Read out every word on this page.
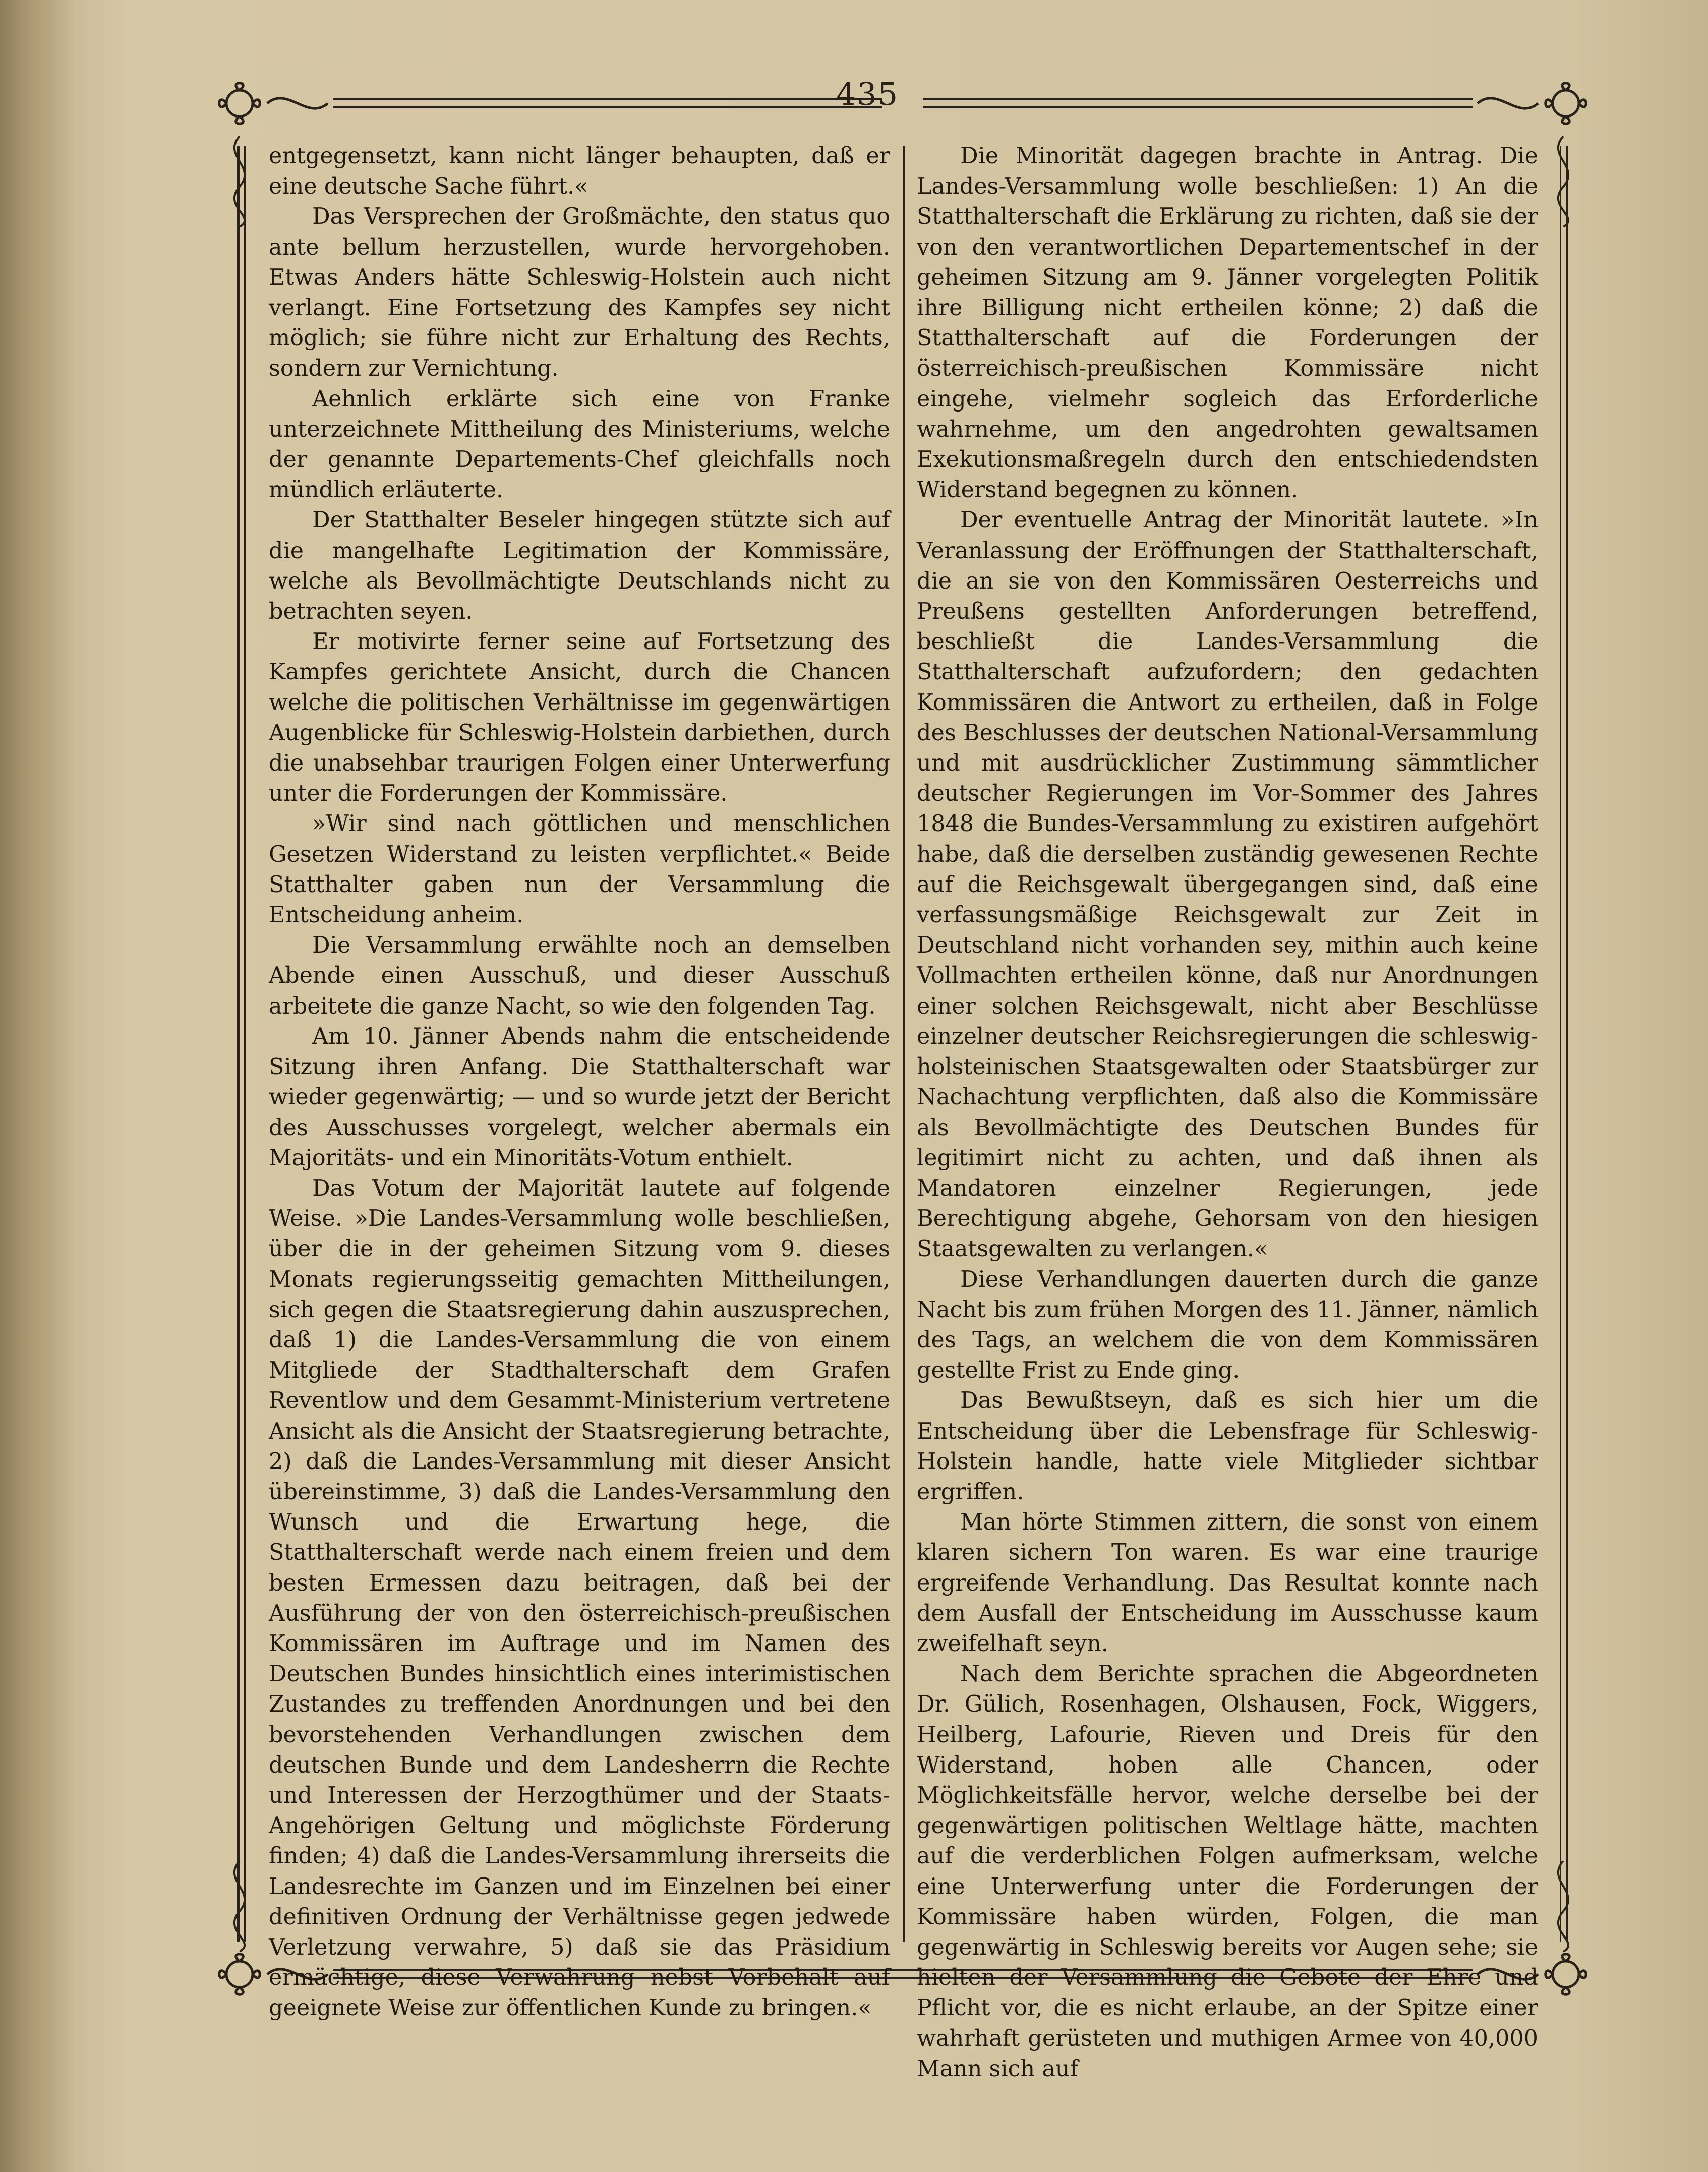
435

entgegensetzt, kann nicht länger behaupten, daß er eine deutsche Sache führt.«

Das Versprechen der Großmächte, den status quo ante bellum herzustellen, wurde hervorgehoben. Etwas Anders hätte Schleswig-Holstein auch nicht verlangt. Eine Fortsetzung des Kampfes sey nicht möglich; sie führe nicht zur Erhaltung des Rechts, sondern zur Vernichtung.

Aehnlich erklärte sich eine von Franke unterzeichnete Mittheilung des Ministeriums, welche der genannte Departements-Chef gleichfalls noch mündlich erläuterte.

Der Statthalter Beseler hingegen stützte sich auf die mangelhafte Legitimation der Kommissäre, welche als Bevollmächtigte Deutschlands nicht zu betrachten seyen.

Er motivirte ferner seine auf Fortsetzung des Kampfes gerichtete Ansicht, durch die Chancen welche die politischen Verhältnisse im gegenwärtigen Augenblicke für Schleswig-Holstein darbiethen, durch die unabsehbar traurigen Folgen einer Unterwerfung unter die Forderungen der Kommissäre.

»Wir sind nach göttlichen und menschlichen Gesetzen Widerstand zu leisten verpflichtet.« Beide Statthalter gaben nun der Versammlung die Entscheidung anheim.

Die Versammlung erwählte noch an demselben Abende einen Ausschuß, und dieser Ausschuß arbeitete die ganze Nacht, so wie den folgenden Tag.

Am 10. Jänner Abends nahm die entscheidende Sitzung ihren Anfang. Die Statthalterschaft war wieder gegenwärtig; — und so wurde jetzt der Bericht des Ausschusses vorgelegt, welcher abermals ein Majoritäts- und ein Minoritäts-Votum enthielt.

Das Votum der Majorität lautete auf folgende Weise. »Die Landes-Versammlung wolle beschließen, über die in der geheimen Sitzung vom 9. dieses Monats regierungsseitig gemachten Mittheilungen, sich gegen die Staatsregierung dahin auszusprechen, daß 1) die Landes-Versammlung die von einem Mitgliede der Stadthalterschaft dem Grafen Reventlow und dem Gesammt-Ministerium vertretene Ansicht als die Ansicht der Staatsregierung betrachte, 2) daß die Landes-Versammlung mit dieser Ansicht übereinstimme, 3) daß die Landes-Versammlung den Wunsch und die Erwartung hege, die Statthalterschaft werde nach einem freien und dem besten Ermessen dazu beitragen, daß bei der Ausführung der von den österreichisch-preußischen Kommissären im Auftrage und im Namen des Deutschen Bundes hinsichtlich eines interimistischen Zustandes zu treffenden Anordnungen und bei den bevorstehenden Verhandlungen zwischen dem deutschen Bunde und dem Landesherrn die Rechte und Interessen der Herzogthümer und der Staats-Angehörigen Geltung und möglichste Förderung finden; 4) daß die Landes-Versammlung ihrerseits die Landesrechte im Ganzen und im Einzelnen bei einer definitiven Ordnung der Verhältnisse gegen jedwede Verletzung verwahre, 5) daß sie das Präsidium ermächtige, diese Verwahrung nebst Vorbehalt auf geeignete Weise zur öffentlichen Kunde zu bringen.«

Die Minorität dagegen brachte in Antrag. Die Landes-Versammlung wolle beschließen: 1) An die Statthalterschaft die Erklärung zu richten, daß sie der von den verantwortlichen Departementschef in der geheimen Sitzung am 9. Jänner vorgelegten Politik ihre Billigung nicht ertheilen könne; 2) daß die Statthalterschaft auf die Forderungen der österreichisch-preußischen Kommissäre nicht eingehe, vielmehr sogleich das Erforderliche wahrnehme, um den angedrohten gewaltsamen Exekutionsmaßregeln durch den entschiedendsten Widerstand begegnen zu können.

Der eventuelle Antrag der Minorität lautete. »In Veranlassung der Eröffnungen der Statthalterschaft, die an sie von den Kommissären Oesterreichs und Preußens gestellten Anforderungen betreffend, beschließt die Landes-Versammlung die Statthalterschaft aufzufordern; den gedachten Kommissären die Antwort zu ertheilen, daß in Folge des Beschlusses der deutschen National-Versammlung und mit ausdrücklicher Zustimmung sämmtlicher deutscher Regierungen im Vor-Sommer des Jahres 1848 die Bundes-Versammlung zu existiren aufgehört habe, daß die derselben zuständig gewesenen Rechte auf die Reichsgewalt übergegangen sind, daß eine verfassungsmäßige Reichsgewalt zur Zeit in Deutschland nicht vorhanden sey, mithin auch keine Vollmachten ertheilen könne, daß nur Anordnungen einer solchen Reichsgewalt, nicht aber Beschlüsse einzelner deutscher Reichsregierungen die schleswig-holsteinischen Staatsgewalten oder Staatsbürger zur Nachachtung verpflichten, daß also die Kommissäre als Bevollmächtigte des Deutschen Bundes für legitimirt nicht zu achten, und daß ihnen als Mandatoren einzelner Regierungen, jede Berechtigung abgehe, Gehorsam von den hiesigen Staatsgewalten zu verlangen.«

Diese Verhandlungen dauerten durch die ganze Nacht bis zum frühen Morgen des 11. Jänner, nämlich des Tags, an welchem die von dem Kommissären gestellte Frist zu Ende ging.

Das Bewußtseyn, daß es sich hier um die Entscheidung über die Lebensfrage für Schleswig-Holstein handle, hatte viele Mitglieder sichtbar ergriffen.

Man hörte Stimmen zittern, die sonst von einem klaren sichern Ton waren. Es war eine traurige ergreifende Verhandlung. Das Resultat konnte nach dem Ausfall der Entscheidung im Ausschusse kaum zweifelhaft seyn.

Nach dem Berichte sprachen die Abgeordneten Dr. Gülich, Rosenhagen, Olshausen, Fock, Wiggers, Heilberg, Lafourie, Rieven und Dreis für den Widerstand, hoben alle Chancen, oder Möglichkeitsfälle hervor, welche derselbe bei der gegenwärtigen politischen Weltlage hätte, machten auf die verderblichen Folgen aufmerksam, welche eine Unterwerfung unter die Forderungen der Kommissäre haben würden, Folgen, die man gegenwärtig in Schleswig bereits vor Augen sehe; sie hielten der Versammlung die Gebote der Ehre und Pflicht vor, die es nicht erlaube, an der Spitze einer wahrhaft gerüsteten und muthigen Armee von 40,000 Mann sich auf
